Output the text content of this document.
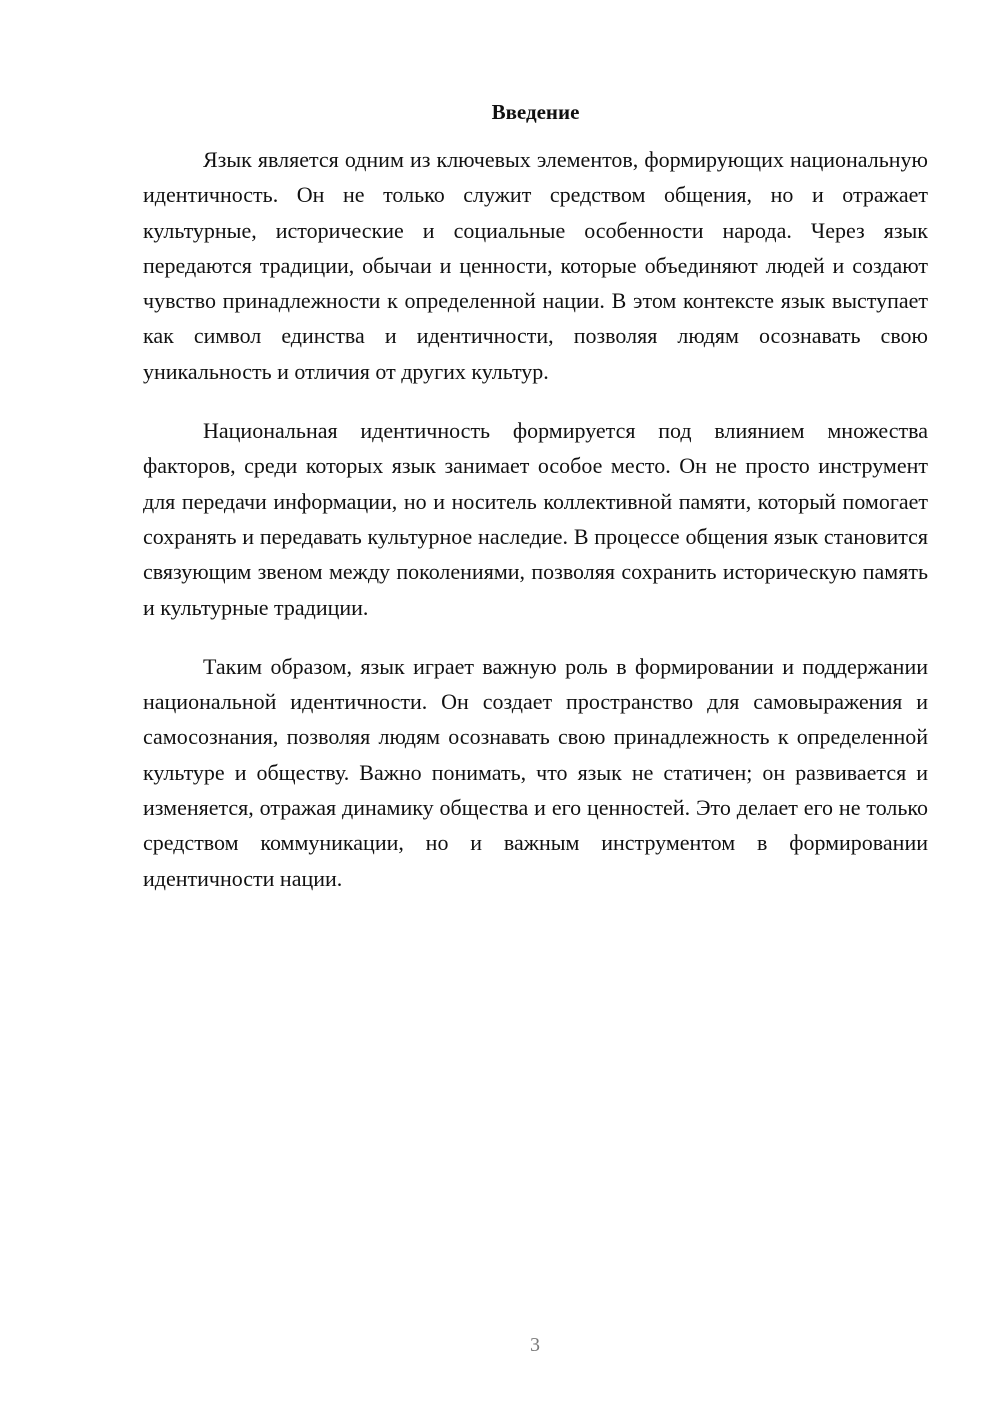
Введение

Язык является одним из ключевых элементов, формирующих национальную идентичность. Он не только служит средством общения, но и отражает культурные, исторические и социальные особенности народа. Через язык передаются традиции, обычаи и ценности, которые объединяют людей и создают чувство принадлежности к определенной нации. В этом контексте язык выступает как символ единства и идентичности, позволяя людям осознавать свою уникальность и отличия от других культур.

Национальная идентичность формируется под влиянием множества факторов, среди которых язык занимает особое место. Он не просто инструмент для передачи информации, но и носитель коллективной памяти, который помогает сохранять и передавать культурное наследие. В процессе общения язык становится связующим звеном между поколениями, позволяя сохранить историческую память и культурные традиции.

Таким образом, язык играет важную роль в формировании и поддержании национальной идентичности. Он создает пространство для самовыражения и самосознания, позволяя людям осознавать свою принадлежность к определенной культуре и обществу. Важно понимать, что язык не статичен; он развивается и изменяется, отражая динамику общества и его ценностей. Это делает его не только средством коммуникации, но и важным инструментом в формировании идентичности нации.

3
